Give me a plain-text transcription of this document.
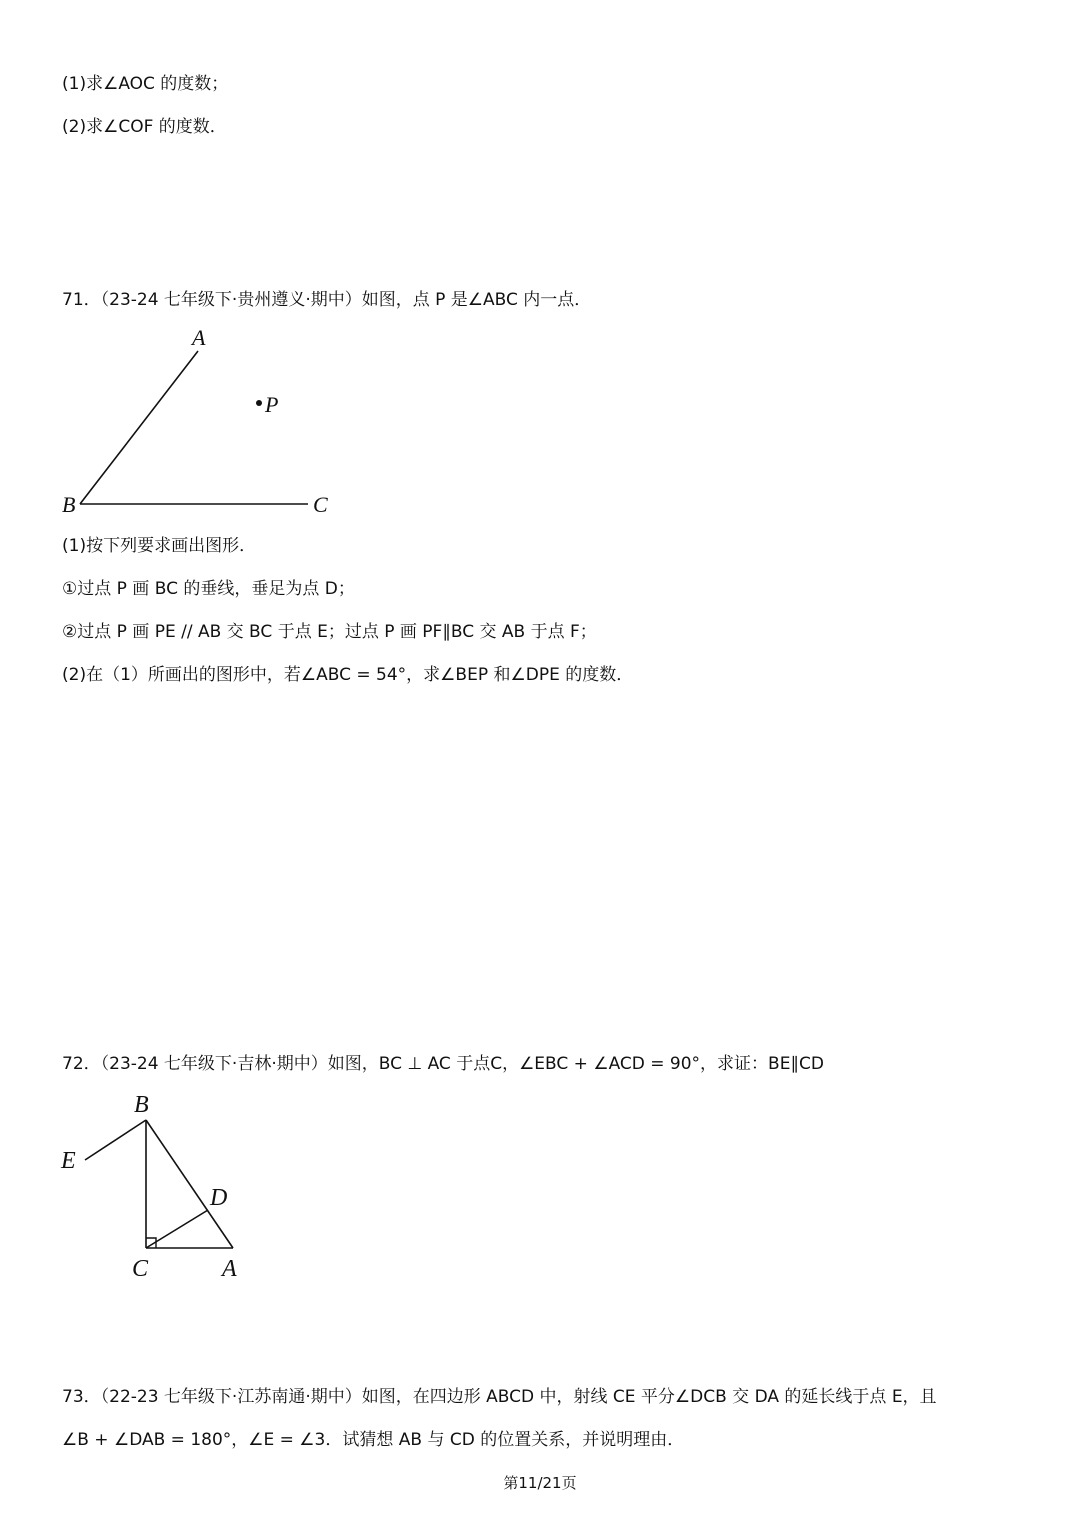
(1)求∠AOC 的度数；
(2)求∠COF 的度数．
71．（23-24 七年级下·贵州遵义·期中）如图，点 P 是∠ABC 内一点．
A
B	C
P
(1)按下列要求画出图形．
①过点 P 画 BC 的垂线，垂足为点 D；
②过点 P 画 PE // AB 交 BC 于点 E；过点 P 画 PF∥BC 交 AB 于点 F；
(2)在（1）所画出的图形中，若∠ABC = 54°，求∠BEP 和∠DPE 的度数．
72．（23-24 七年级下·吉林·期中）如图，BC ⊥ AC 于点C，∠EBC + ∠ACD = 90°，求证：BE∥CD
B
E
D
C	A
73．（22-23 七年级下·江苏南通·期中）如图，在四边形 ABCD 中，射线 CE 平分∠DCB 交 DA 的延长线于点 E，且
∠B + ∠DAB = 180°，∠E = ∠3．试猜想 AB 与 CD 的位置关系，并说明理由．
第11/21页
